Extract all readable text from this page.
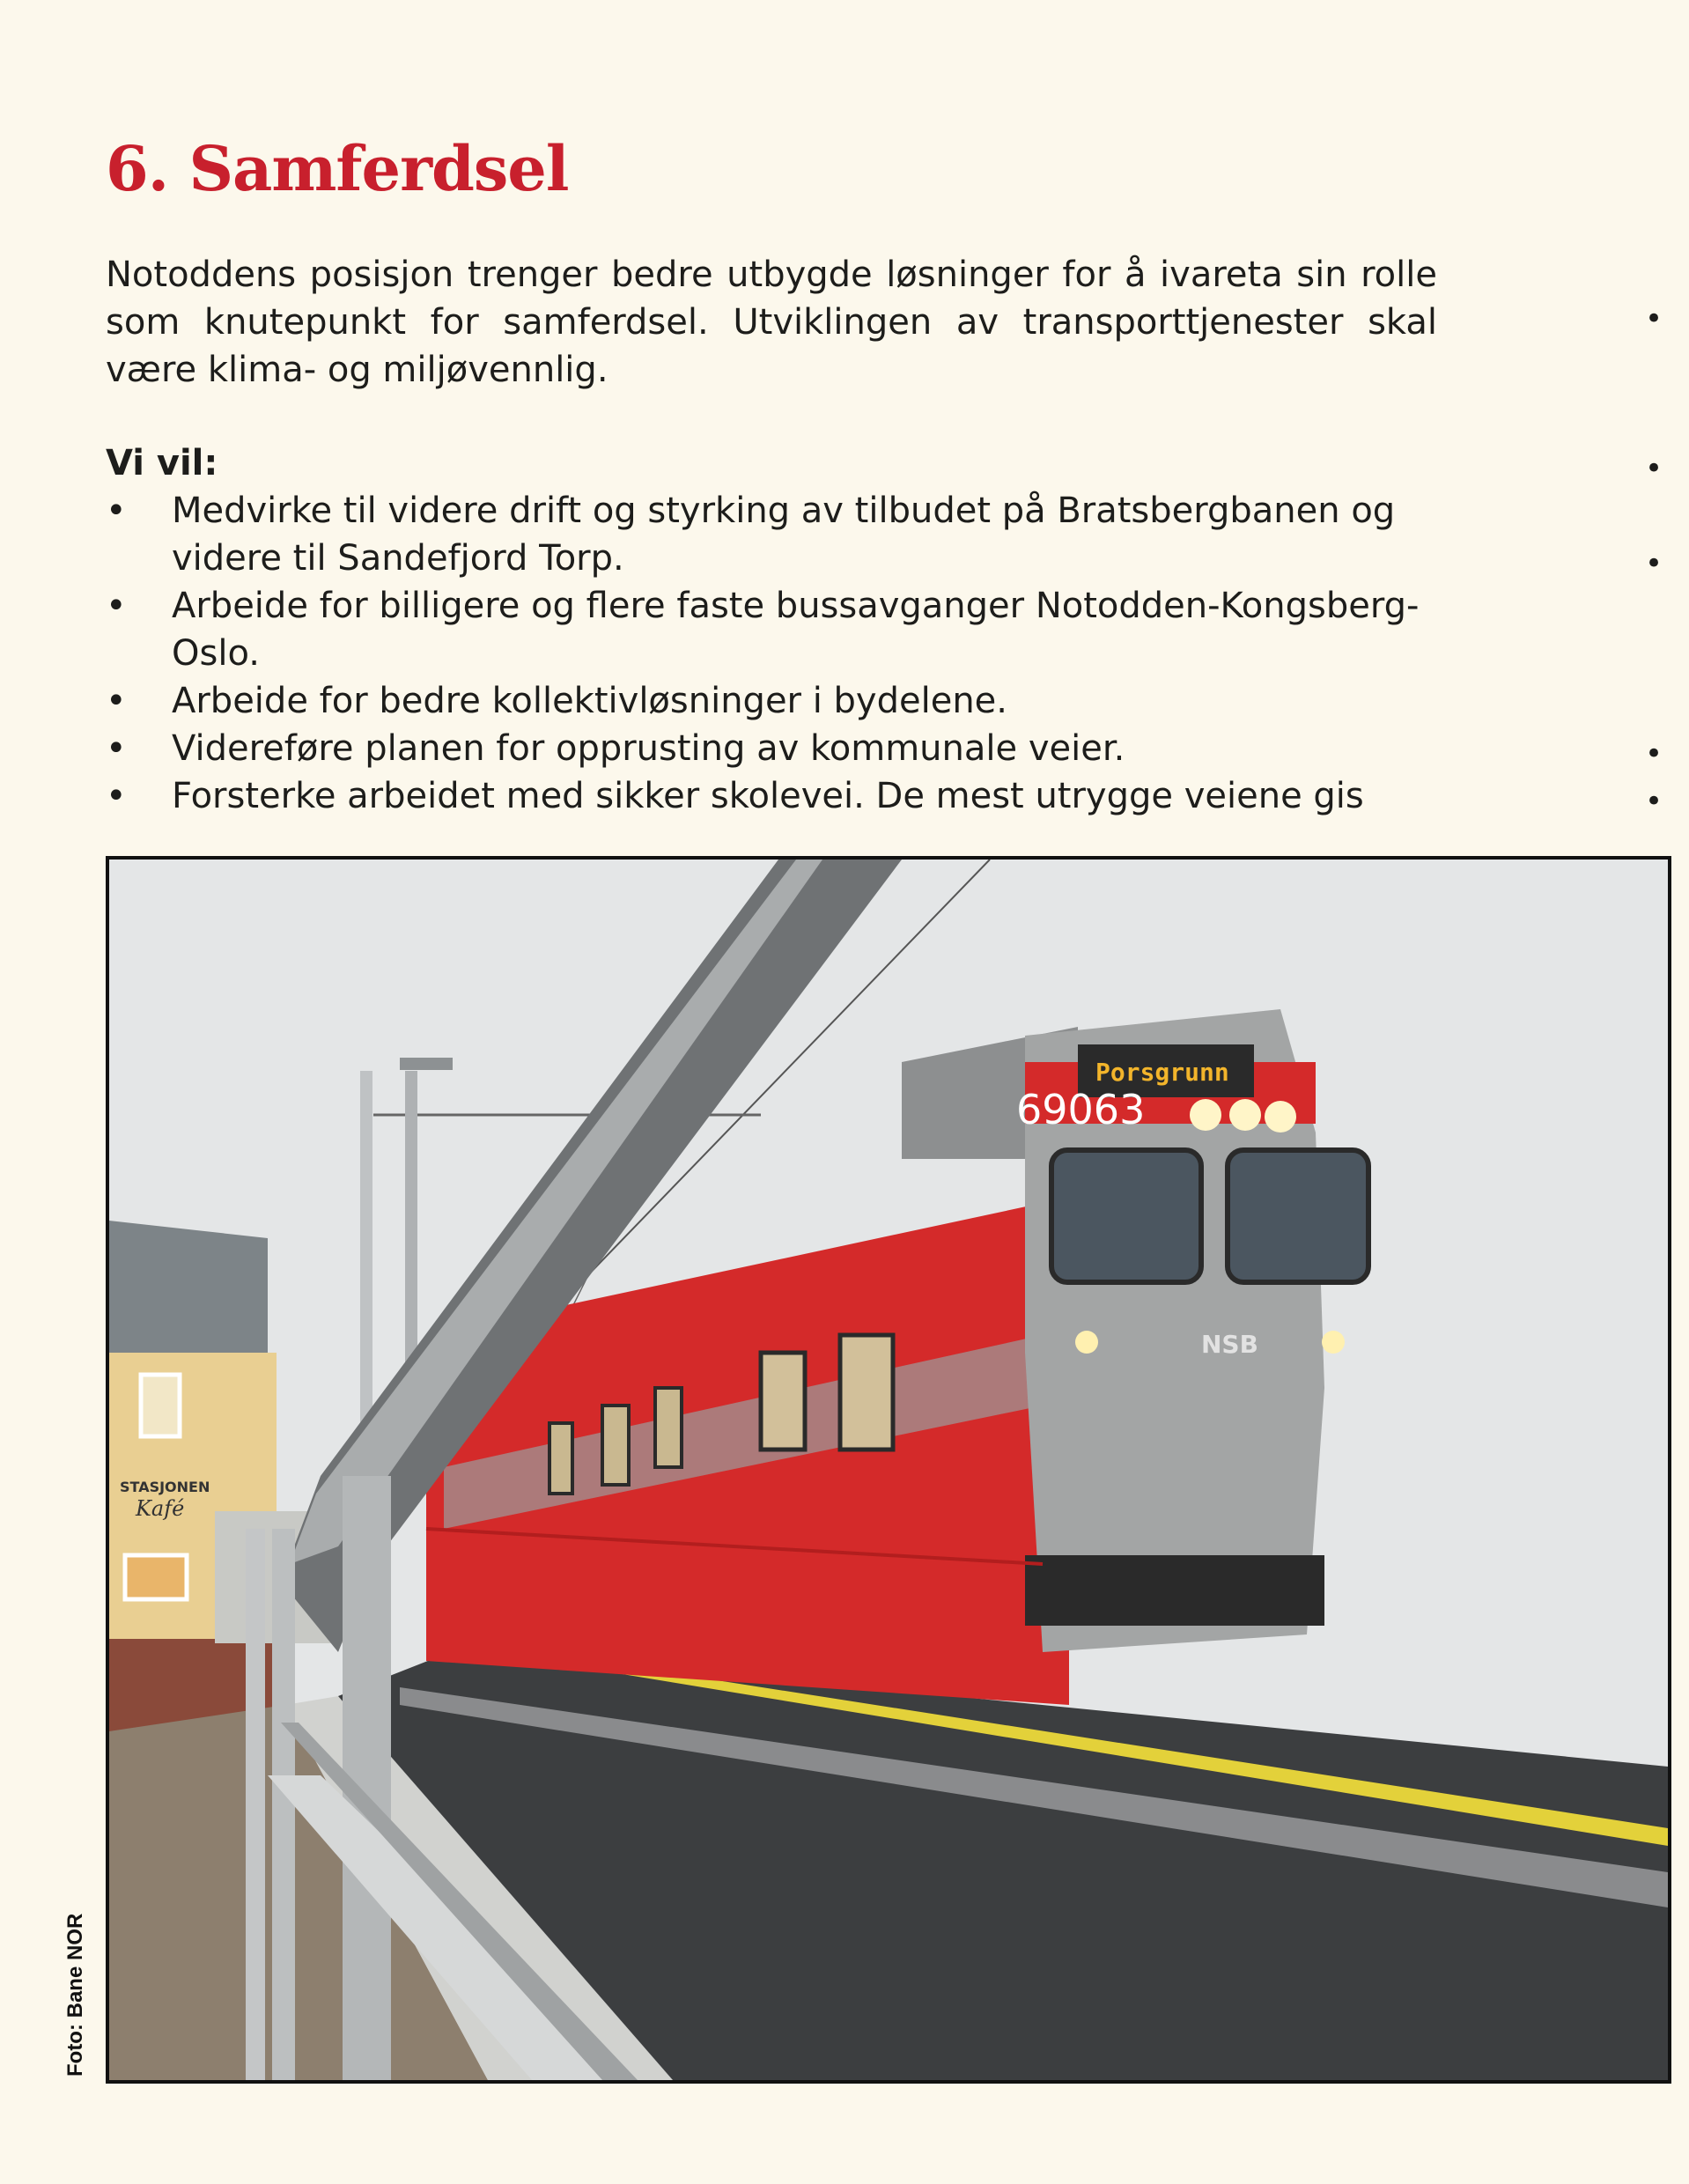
6. Samferdsel

Notoddens posisjon trenger bedre utbygde løsninger for å ivareta sin rolle som knutepunkt for samferdsel. Utviklingen av transporttjenester skal være klima- og miljøvennlig.

Vi vil:

• Medvirke til videre drift og styrking av tilbudet på Bratsbergbanen og videre til Sandefjord Torp.
• Arbeide for billigere og flere faste bussavganger Notodden-Kongsberg-Oslo.
• Arbeide for bedre kollektivløsninger i bydelene.
• Videreføre planen for opprusting av kommunale veier.
• Forsterke arbeidet med sikker skolevei. De mest utrygge veiene gis
•
•
•
•
•
STASJONEN
Kafé
Porsgrunn
69063
NSB
Foto: Bane NOR
